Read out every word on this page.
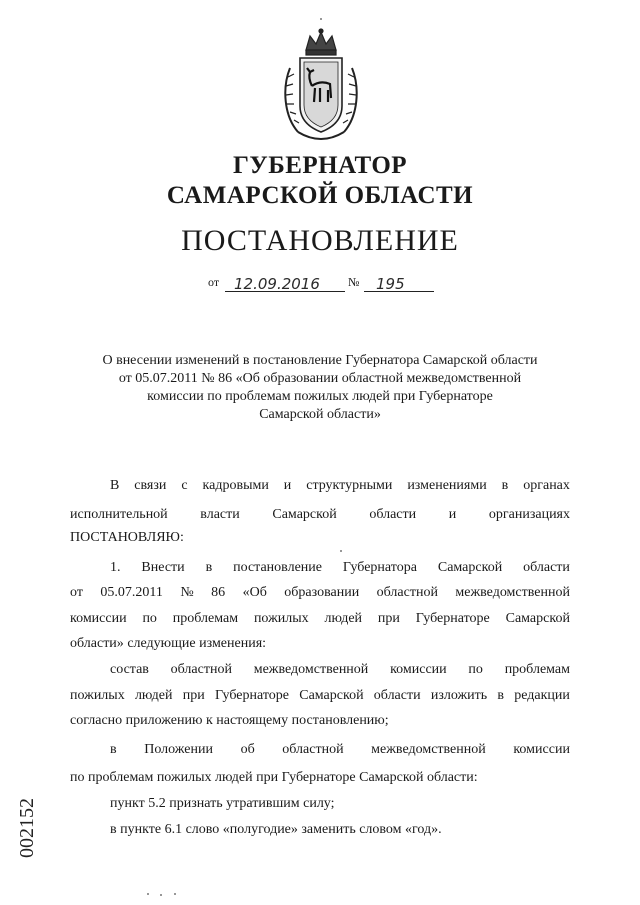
ГУБЕРНАТОР
САМАРСКОЙ ОБЛАСТИ
ПОСТАНОВЛЕНИЕ
от 12.09.2016 № 195
О внесении изменений в постановление Губернатора Самарской области
от 05.07.2011 № 86 «Об образовании областной межведомственной
комиссии по проблемам пожилых людей при Губернаторе
Самарской области»
В связи с кадровыми и структурными изменениями в органах
исполнительной власти Самарской области и организациях
ПОСТАНОВЛЯЮ:
1. Внести в постановление Губернатора Самарской области
от 05.07.2011 № 86 «Об образовании областной межведомственной
комиссии по проблемам пожилых людей при Губернаторе Самарской
области» следующие изменения:
состав областной межведомственной комиссии по проблемам
пожилых людей при Губернаторе Самарской области изложить в редакции
согласно приложению к настоящему постановлению;
в Положении об областной межведомственной комиссии
по проблемам пожилых людей при Губернаторе Самарской области:
пункт 5.2 признать утратившим силу;
в пункте 6.1 слово «полугодие» заменить словом «год».
002152
